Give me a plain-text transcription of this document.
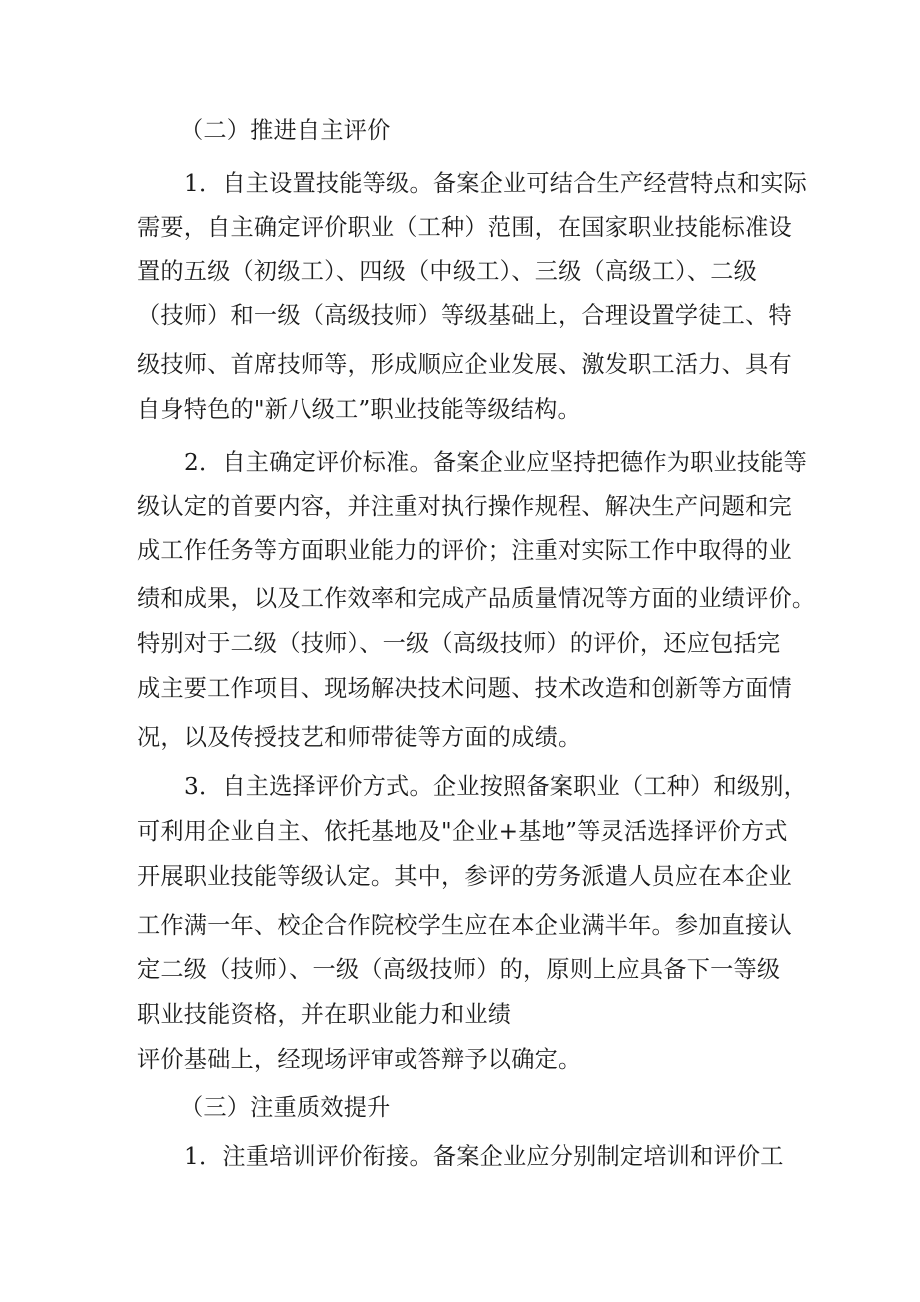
（二）推进自主评价
1．自主设置技能等级。备案企业可结合生产经营特点和实际
需要，自主确定评价职业（工种）范围，在国家职业技能标准设
置的五级（初级工）、四级（中级工）、三级（高级工）、二级
（技师）和一级（高级技师）等级基础上，合理设置学徒工、特
级技师、首席技师等，形成顺应企业发展、激发职工活力、具有
自身特色的"新八级工”职业技能等级结构。
2．自主确定评价标准。备案企业应坚持把德作为职业技能等
级认定的首要内容，并注重对执行操作规程、解决生产问题和完
成工作任务等方面职业能力的评价；注重对实际工作中取得的业
绩和成果，以及工作效率和完成产品质量情况等方面的业绩评价。
特别对于二级（技师）、一级（高级技师）的评价，还应包括完
成主要工作项目、现场解决技术问题、技术改造和创新等方面情
况，以及传授技艺和师带徒等方面的成绩。
3．自主选择评价方式。企业按照备案职业（工种）和级别，
可利用企业自主、依托基地及"企业+基地”等灵活选择评价方式
开展职业技能等级认定。其中，参评的劳务派遣人员应在本企业
工作满一年、校企合作院校学生应在本企业满半年。参加直接认
定二级（技师）、一级（高级技师）的，原则上应具备下一等级
职业技能资格，并在职业能力和业绩
评价基础上，经现场评审或答辩予以确定。
（三）注重质效提升
1．注重培训评价衔接。备案企业应分别制定培训和评价工
